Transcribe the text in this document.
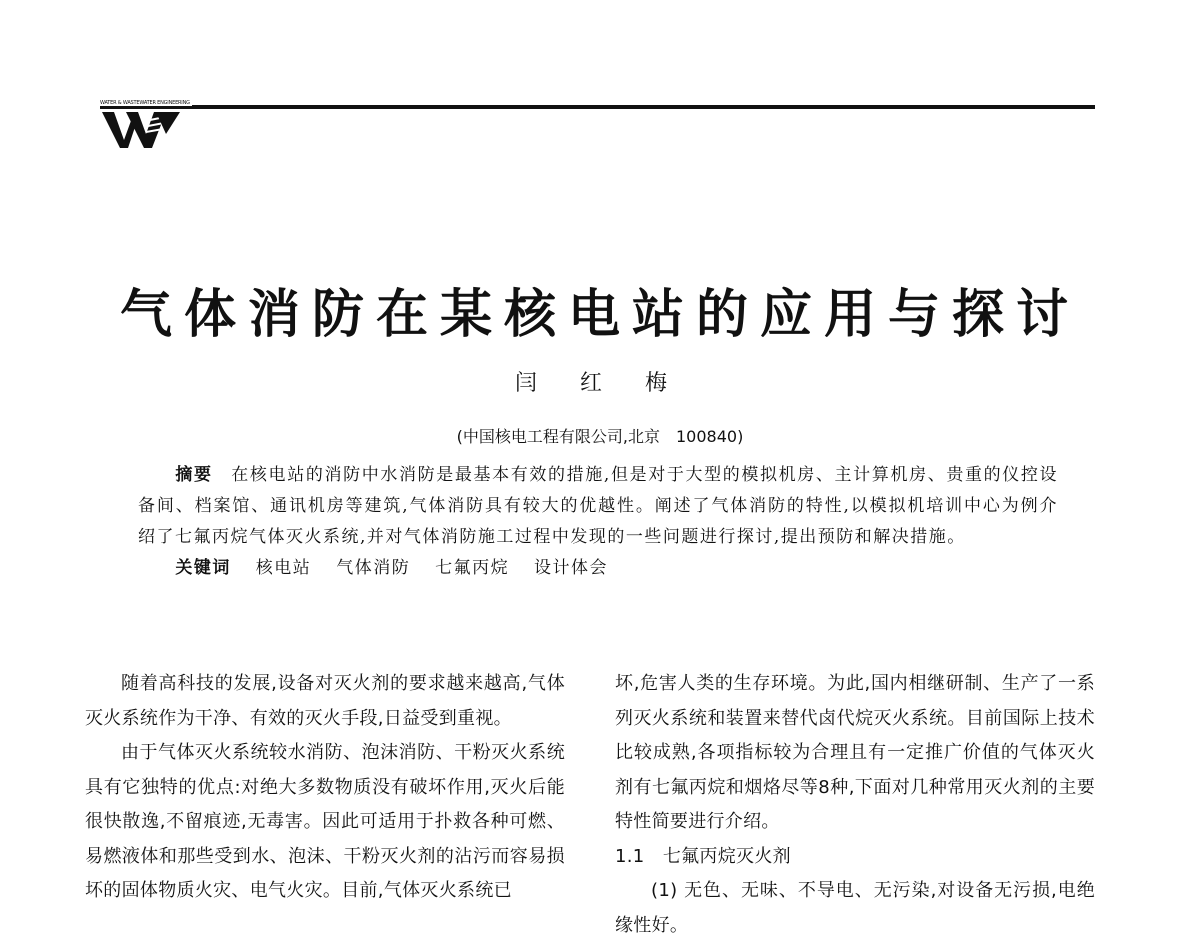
WATER & WASTEWATER ENGINEERING
气体消防在某核电站的应用与探讨
闫 红 梅
(中国核电工程有限公司,北京　100840)

摘要　 在核电站的消防中水消防是最基本有效的措施,但是对于大型的模拟机房、主计算机房、贵重的仪控设备间、档案馆、通讯机房等建筑,气体消防具有较大的优越性。阐述了气体消防的特性,以模拟机培训中心为例介绍了七氟丙烷气体灭火系统,并对气体消防施工过程中发现的一些问题进行探讨,提出预防和解决措施。

关键词 核电站 气体消防 七氟丙烷 设计体会

随着高科技的发展,设备对灭火剂的要求越来越高,气体灭火系统作为干净、有效的灭火手段,日益受到重视。

由于气体灭火系统较水消防、泡沫消防、干粉灭火系统具有它独特的优点:对绝大多数物质没有破坏作用,灭火后能很快散逸,不留痕迹,无毒害。因此可适用于扑救各种可燃、易燃液体和那些受到水、泡沫、干粉灭火剂的沾污而容易损坏的固体物质火灾、电气火灾。目前,气体灭火系统已

坏,危害人类的生存环境。为此,国内相继研制、生产了一系列灭火系统和装置来替代卤代烷灭火系统。目前国际上技术比较成熟,各项指标较为合理且有一定推广价值的气体灭火剂有七氟丙烷和烟烙尽等8种,下面对几种常用灭火剂的主要特性简要进行介绍。

1.1　七氟丙烷灭火剂

(1) 无色、无味、不导电、无污染,对设备无污损,电绝缘性好。
